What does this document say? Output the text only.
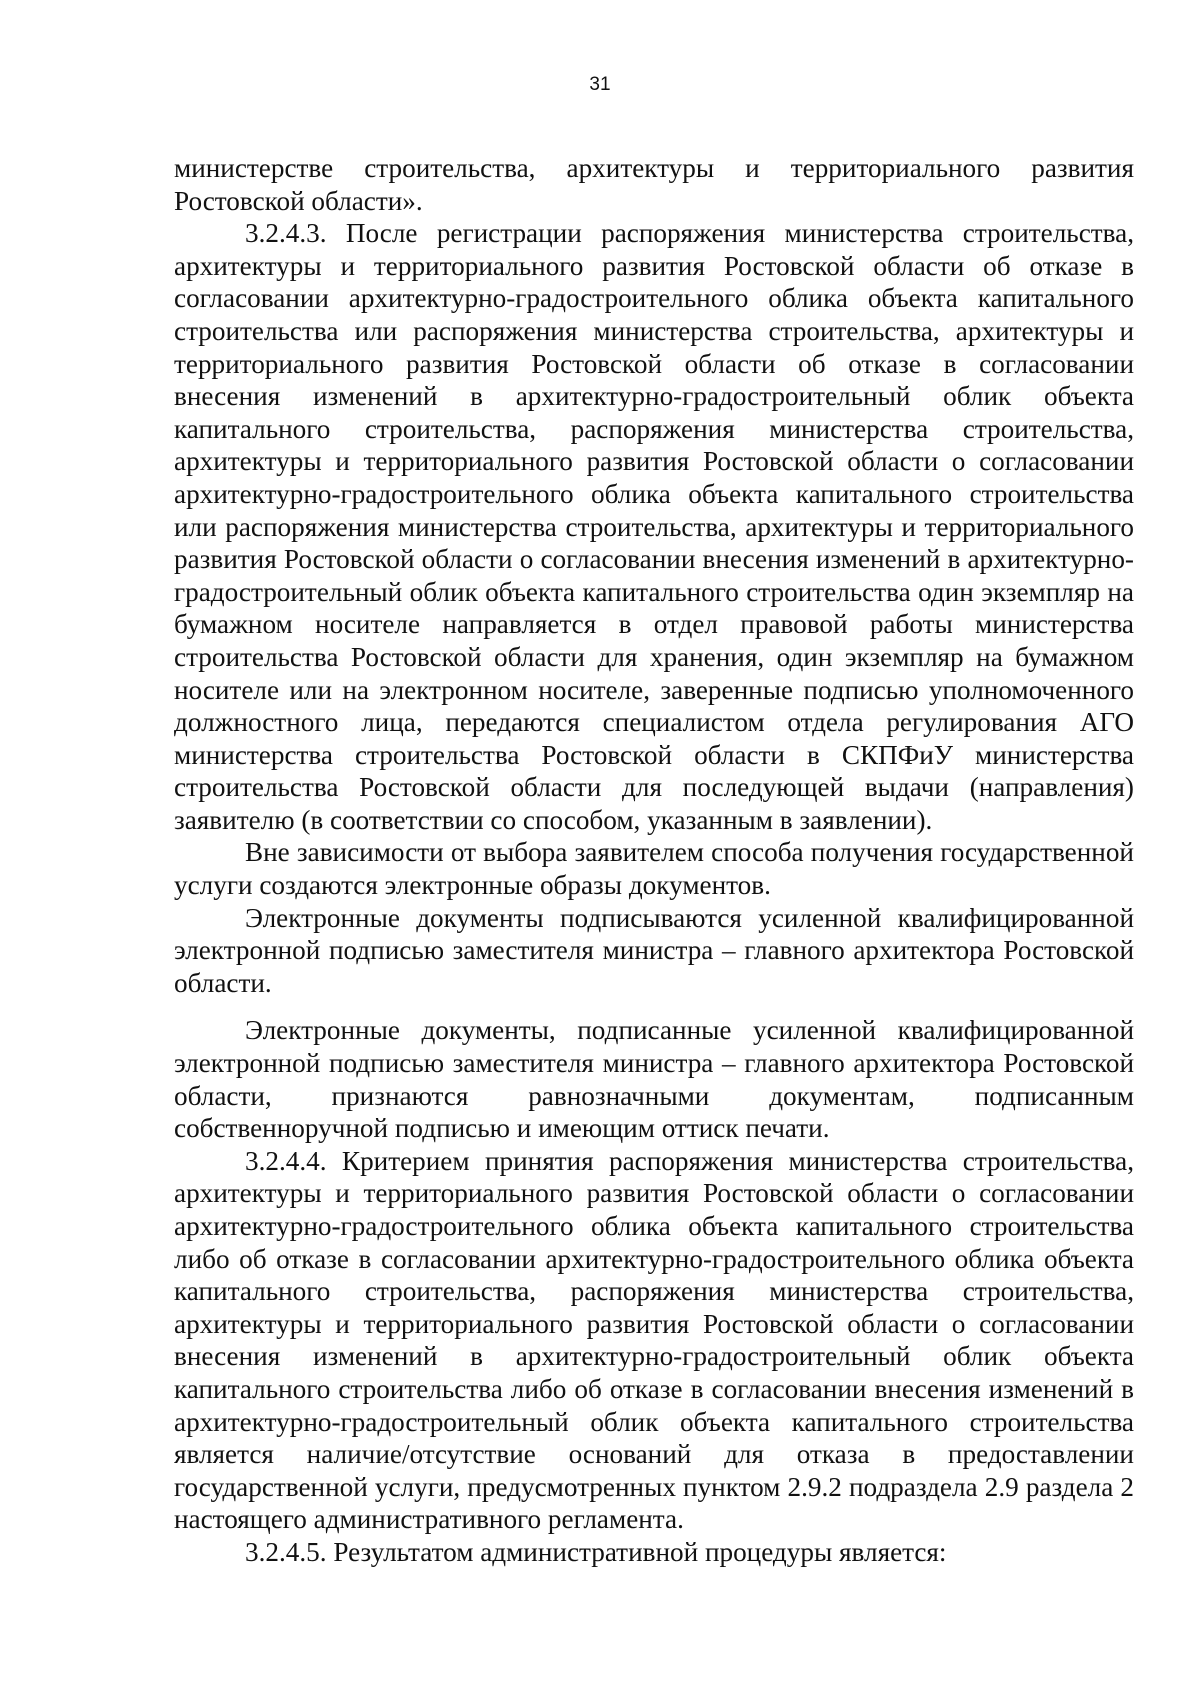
31

министерстве строительства, архитектуры и территориального развития Ростовской области».

3.2.4.3. После регистрации распоряжения министерства строительства, архитектуры и территориального развития Ростовской области об отказе в согласовании архитектурно-градостроительного облика объекта капитального строительства или распоряжения министерства строительства, архитектуры и территориального развития Ростовской области об отказе в согласовании внесения изменений в архитектурно-градостроительный облик объекта капитального строительства, распоряжения министерства строительства, архитектуры и территориального развития Ростовской области о согласовании архитектурно-градостроительного облика объекта капитального строительства или распоряжения министерства строительства, архитектуры и территориального развития Ростовской области о согласовании внесения изменений в архитектурно-градостроительный облик объекта капитального строительства один экземпляр на бумажном носителе направляется в отдел правовой работы министерства строительства Ростовской области для хранения, один экземпляр на бумажном носителе или на электронном носителе, заверенные подписью уполномоченного должностного лица, передаются специалистом отдела регулирования АГО министерства строительства Ростовской области в СКПФиУ министерства строительства Ростовской области для последующей выдачи (направления) заявителю (в соответствии со способом, указанным в заявлении).

Вне зависимости от выбора заявителем способа получения государственной услуги создаются электронные образы документов.

Электронные документы подписываются усиленной квалифицированной электронной подписью заместителя министра – главного архитектора Ростовской области.

Электронные документы, подписанные усиленной квалифицированной электронной подписью заместителя министра – главного архитектора Ростовской области, признаются равнозначными документам, подписанным собственноручной подписью и имеющим оттиск печати.

3.2.4.4. Критерием принятия распоряжения министерства строительства, архитектуры и территориального развития Ростовской области о согласовании архитектурно-градостроительного облика объекта капитального строительства либо об отказе в согласовании архитектурно-градостроительного облика объекта капитального строительства, распоряжения министерства строительства, архитектуры и территориального развития Ростовской области о согласовании внесения изменений в архитектурно-градостроительный облик объекта капитального строительства либо об отказе в согласовании внесения изменений в архитектурно-градостроительный облик объекта капитального строительства является наличие/отсутствие оснований для отказа в предоставлении государственной услуги, предусмотренных пунктом 2.9.2 подраздела 2.9 раздела 2 настоящего административного регламента.

3.2.4.5. Результатом административной процедуры является:
